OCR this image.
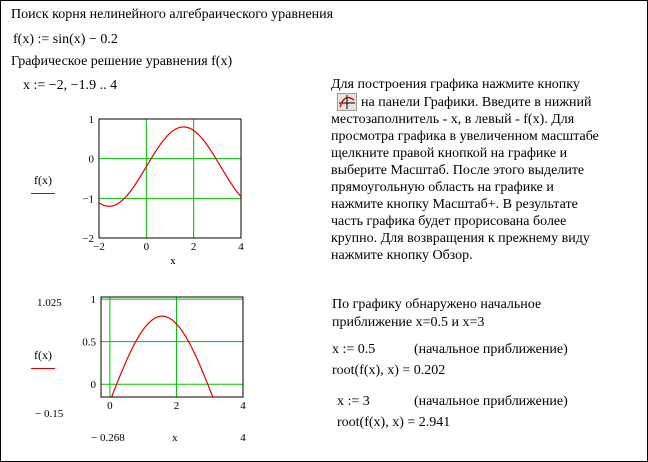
Поиск корня нелинейного алгебраического уравнения
f(x) := sin(x) − 0.2
Графическое решение уравнения f(x)
x := −2, −1.9 .. 4
f(x)
−2	0	2	4
1
0
−1
−2
x
f(x)
0	2	4
1
0.5
0
x
1.025
− 0.15
− 0.268	4
Для построения графика нажмите кнопку
на панели Графики. Введите в нижний
местозаполнитель - x, в левый - f(x). Для
просмотра графика в увеличенном масштабе
щелкните правой кнопкой на графике и
выберите Масштаб. После этого выделите
прямоугольную область на графике и
нажмите кнопку Масштаб+. В результате
часть графика будет прорисована более
крупно. Для возвращения к прежнему виду
нажмите кнопку Обзор.
По графику обнаружено начальное
приближение x=0.5 и x=3
x := 0.5	(начальное приближение)
root(f(x), x) = 0.202
x := 3	(начальное приближение)
root(f(x), x) = 2.941
